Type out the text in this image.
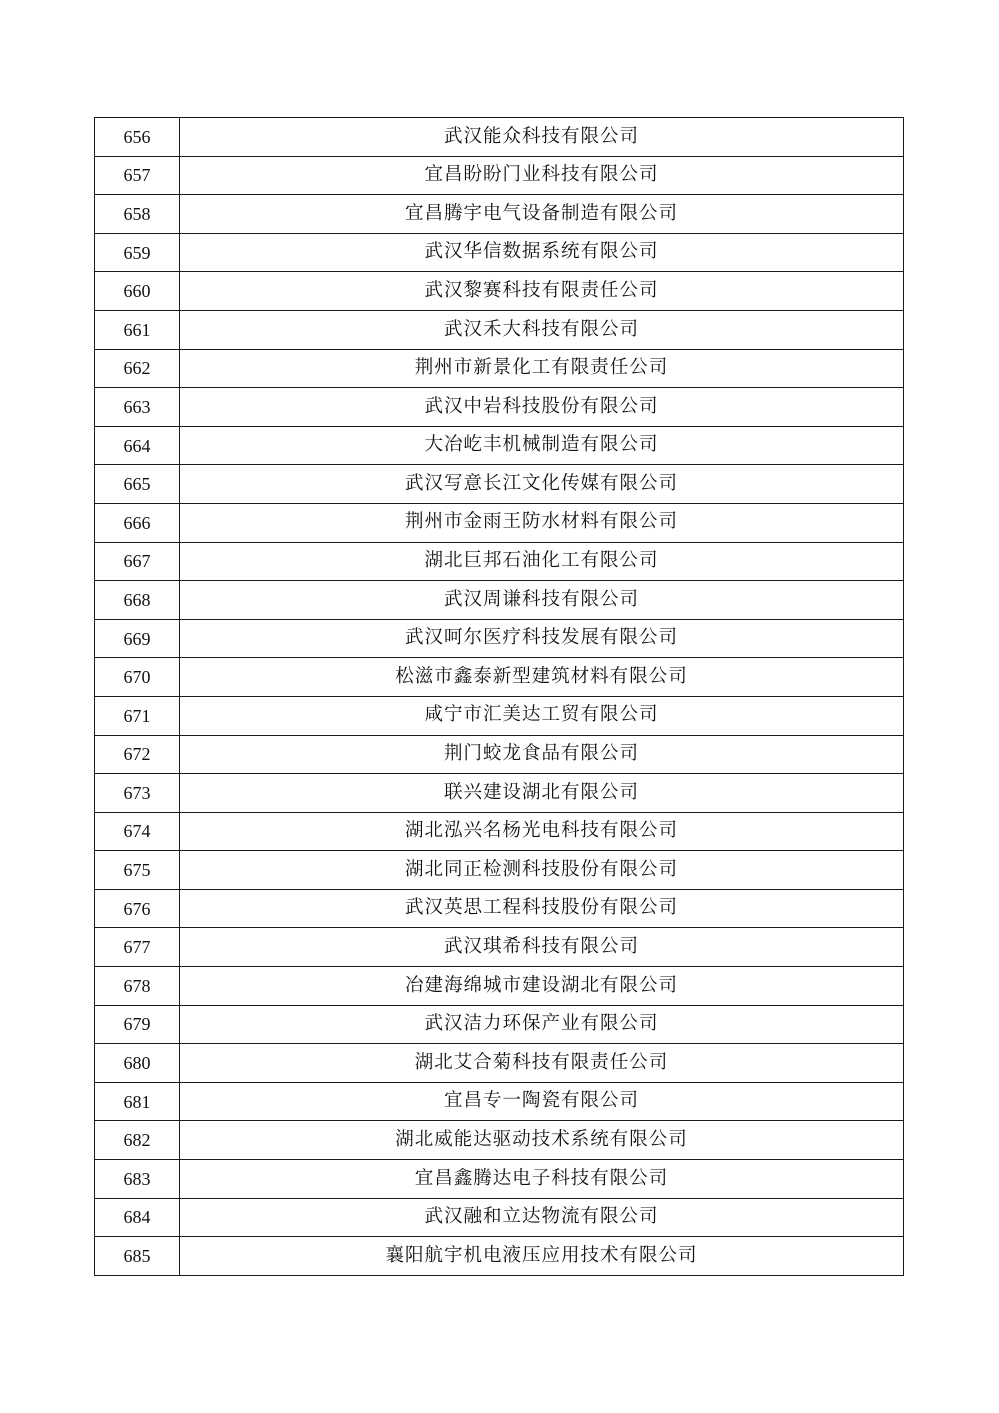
656	武汉能众科技有限公司
657	宜昌盼盼门业科技有限公司
658	宜昌腾宇电气设备制造有限公司
659	武汉华信数据系统有限公司
660	武汉黎赛科技有限责任公司
661	武汉禾大科技有限公司
662	荆州市新景化工有限责任公司
663	武汉中岩科技股份有限公司
664	大冶屹丰机械制造有限公司
665	武汉写意长江文化传媒有限公司
666	荆州市金雨王防水材料有限公司
667	湖北巨邦石油化工有限公司
668	武汉周谦科技有限公司
669	武汉呵尔医疗科技发展有限公司
670	松滋市鑫泰新型建筑材料有限公司
671	咸宁市汇美达工贸有限公司
672	荆门蛟龙食品有限公司
673	联兴建设湖北有限公司
674	湖北泓兴名杨光电科技有限公司
675	湖北同正检测科技股份有限公司
676	武汉英思工程科技股份有限公司
677	武汉琪希科技有限公司
678	冶建海绵城市建设湖北有限公司
679	武汉洁力环保产业有限公司
680	湖北艾合菊科技有限责任公司
681	宜昌专一陶瓷有限公司
682	湖北威能达驱动技术系统有限公司
683	宜昌鑫腾达电子科技有限公司
684	武汉融和立达物流有限公司
685	襄阳航宇机电液压应用技术有限公司
